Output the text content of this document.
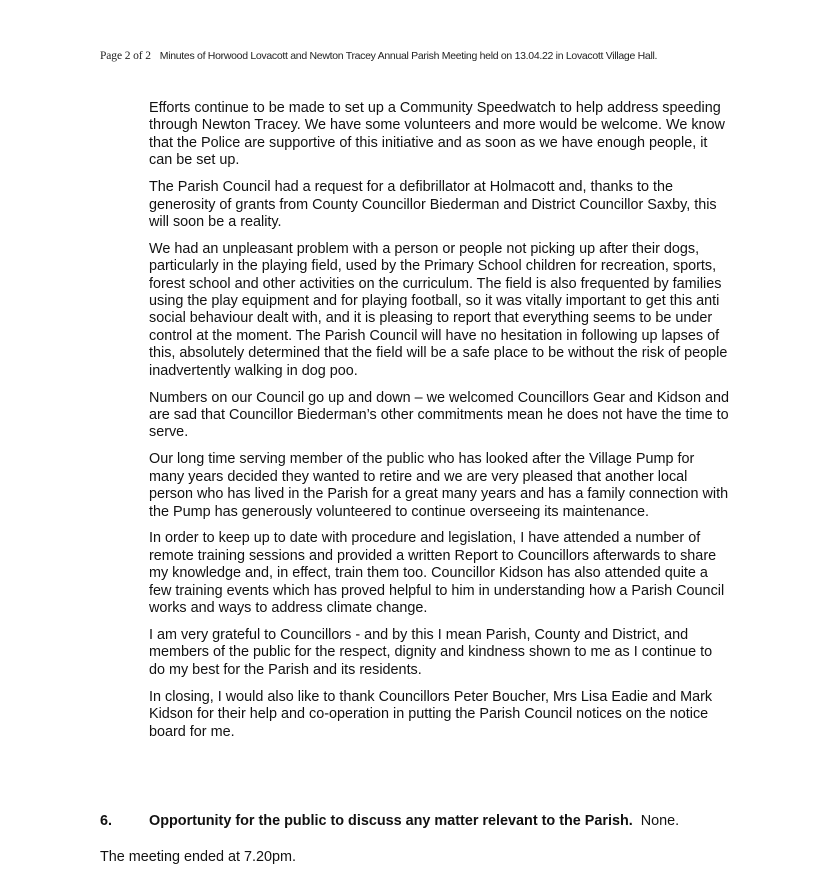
Page 2 of 2 Minutes of Horwood Lovacott and Newton Tracey Annual Parish Meeting held on 13.04.22 in Lovacott Village Hall.

Efforts continue to be made to set up a Community Speedwatch to help address speeding through Newton Tracey. We have some volunteers and more would be welcome. We know that the Police are supportive of this initiative and as soon as we have enough people, it can be set up.

The Parish Council had a request for a defibrillator at Holmacott and, thanks to the generosity of grants from County Councillor Biederman and District Councillor Saxby, this will soon be a reality.

We had an unpleasant problem with a person or people not picking up after their dogs, particularly in the playing field, used by the Primary School children for recreation, sports, forest school and other activities on the curriculum. The field is also frequented by families using the play equipment and for playing football, so it was vitally important to get this anti social behaviour dealt with, and it is pleasing to report that everything seems to be under control at the moment. The Parish Council will have no hesitation in following up lapses of this, absolutely determined that the field will be a safe place to be without the risk of people inadvertently walking in dog poo.

Numbers on our Council go up and down – we welcomed Councillors Gear and Kidson and are sad that Councillor Biederman’s other commitments mean he does not have the time to serve.

Our long time serving member of the public who has looked after the Village Pump for many years decided they wanted to retire and we are very pleased that another local person who has lived in the Parish for a great many years and has a family connection with the Pump has generously volunteered to continue overseeing its maintenance.

In order to keep up to date with procedure and legislation, I have attended a number of remote training sessions and provided a written Report to Councillors afterwards to share my knowledge and, in effect, train them too. Councillor Kidson has also attended quite a few training events which has proved helpful to him in understanding how a Parish Council works and ways to address climate change.

I am very grateful to Councillors - and by this I mean Parish, County and District, and members of the public for the respect, dignity and kindness shown to me as I continue to do my best for the Parish and its residents.

In closing, I would also like to thank Councillors Peter Boucher, Mrs Lisa Eadie and Mark Kidson for their help and co-operation in putting the Parish Council notices on the notice board for me.

6.	Opportunity for the public to discuss any matter relevant to the Parish. None.
The meeting ended at 7.20pm.
